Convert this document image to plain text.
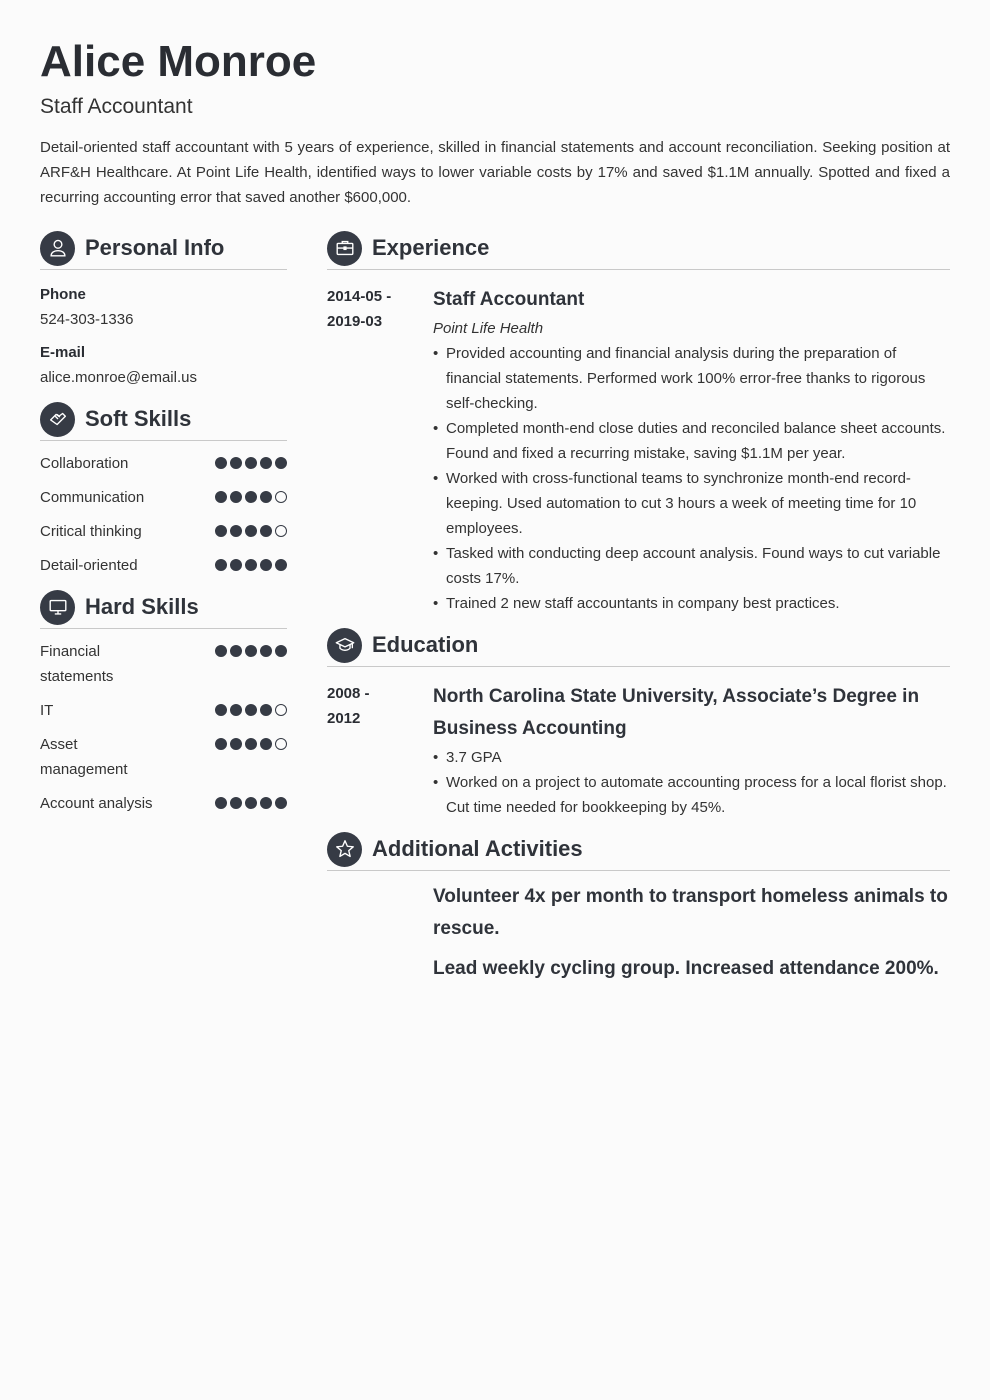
Alice Monroe
Staff Accountant
Detail-oriented staff accountant with 5 years of experience, skilled in financial statements and account reconciliation. Seeking position at ARF&H Healthcare. At Point Life Health, identified ways to lower variable costs by 17% and saved $1.1M annually. Spotted and fixed a recurring accounting error that saved another $600,000.
Personal Info
Phone
524-303-1336
E-mail
alice.monroe@email.us
Soft Skills
Collaboration
Communication
Critical thinking
Detail-oriented
Hard Skills
Financial statements
IT
Asset management
Account analysis
Experience
2014-05 -
2019-03
Staff Accountant
Point Life Health
• Provided accounting and financial analysis during the preparation of financial statements. Performed work 100% error-free thanks to rigorous self-checking.
• Completed month-end close duties and reconciled balance sheet accounts. Found and fixed a recurring mistake, saving $1.1M per year.
• Worked with cross-functional teams to synchronize month-end record-keeping. Used automation to cut 3 hours a week of meeting time for 10 employees.
• Tasked with conducting deep account analysis. Found ways to cut variable costs 17%.
• Trained 2 new staff accountants in company best practices.
Education
2008 -
2012
North Carolina State University, Associate’s Degree in Business Accounting
• 3.7 GPA
• Worked on a project to automate accounting process for a local florist shop. Cut time needed for bookkeeping by 45%.
Additional Activities
Volunteer 4x per month to transport homeless animals to rescue.
Lead weekly cycling group. Increased attendance 200%.
